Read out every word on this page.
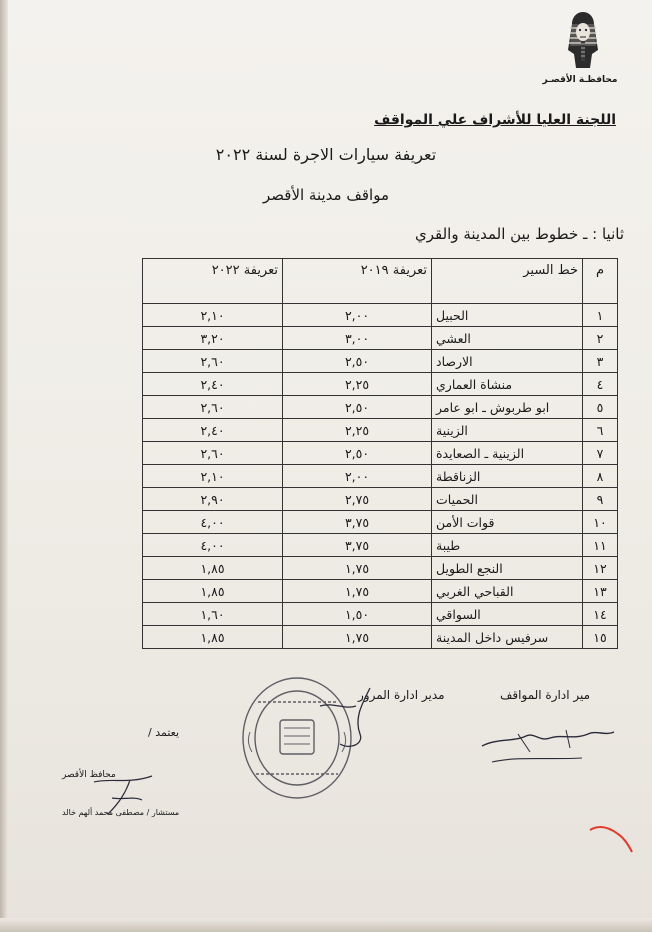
محافظـة الأقصـر
اللجنة العليا للأشراف علي المواقف
تعريفة سيارات الاجرة لسنة ٢٠٢٢
مواقف مدينة الأقصر
ثانيا : ـ خطوط بين المدينة والقري
م	خط السير	تعريفة ٢٠١٩	تعريفة ٢٠٢٢
١	الحبيل	٢,٠٠	٢,١٠
٢	العشي	٣,٠٠	٣,٢٠
٣	الارصاد	٢,٥٠	٢,٦٠
٤	منشاة العماري	٢,٢٥	٢,٤٠
٥	ابو طربوش ـ ابو عامر	٢,٥٠	٢,٦٠
٦	الزينية	٢,٢٥	٢,٤٠
٧	الزينية ـ الصعايدة	٢,٥٠	٢,٦٠
٨	الزناقطة	٢,٠٠	٢,١٠
٩	الحميات	٢,٧٥	٢,٩٠
١٠	قوات الأمن	٣,٧٥	٤,٠٠
١١	طيبة	٣,٧٥	٤,٠٠
١٢	النجع الطويل	١,٧٥	١,٨٥
١٣	القباحي الغربي	١,٧٥	١,٨٥
١٤	السواقي	١,٥٠	١,٦٠
١٥	سرفيس داخل المدينة	١,٧٥	١,٨٥
مير ادارة المواقف
مدير ادارة المرور
يعتمد /
محافظ الأقصر
مستشار / مصطفى محمد ألهم خالد
